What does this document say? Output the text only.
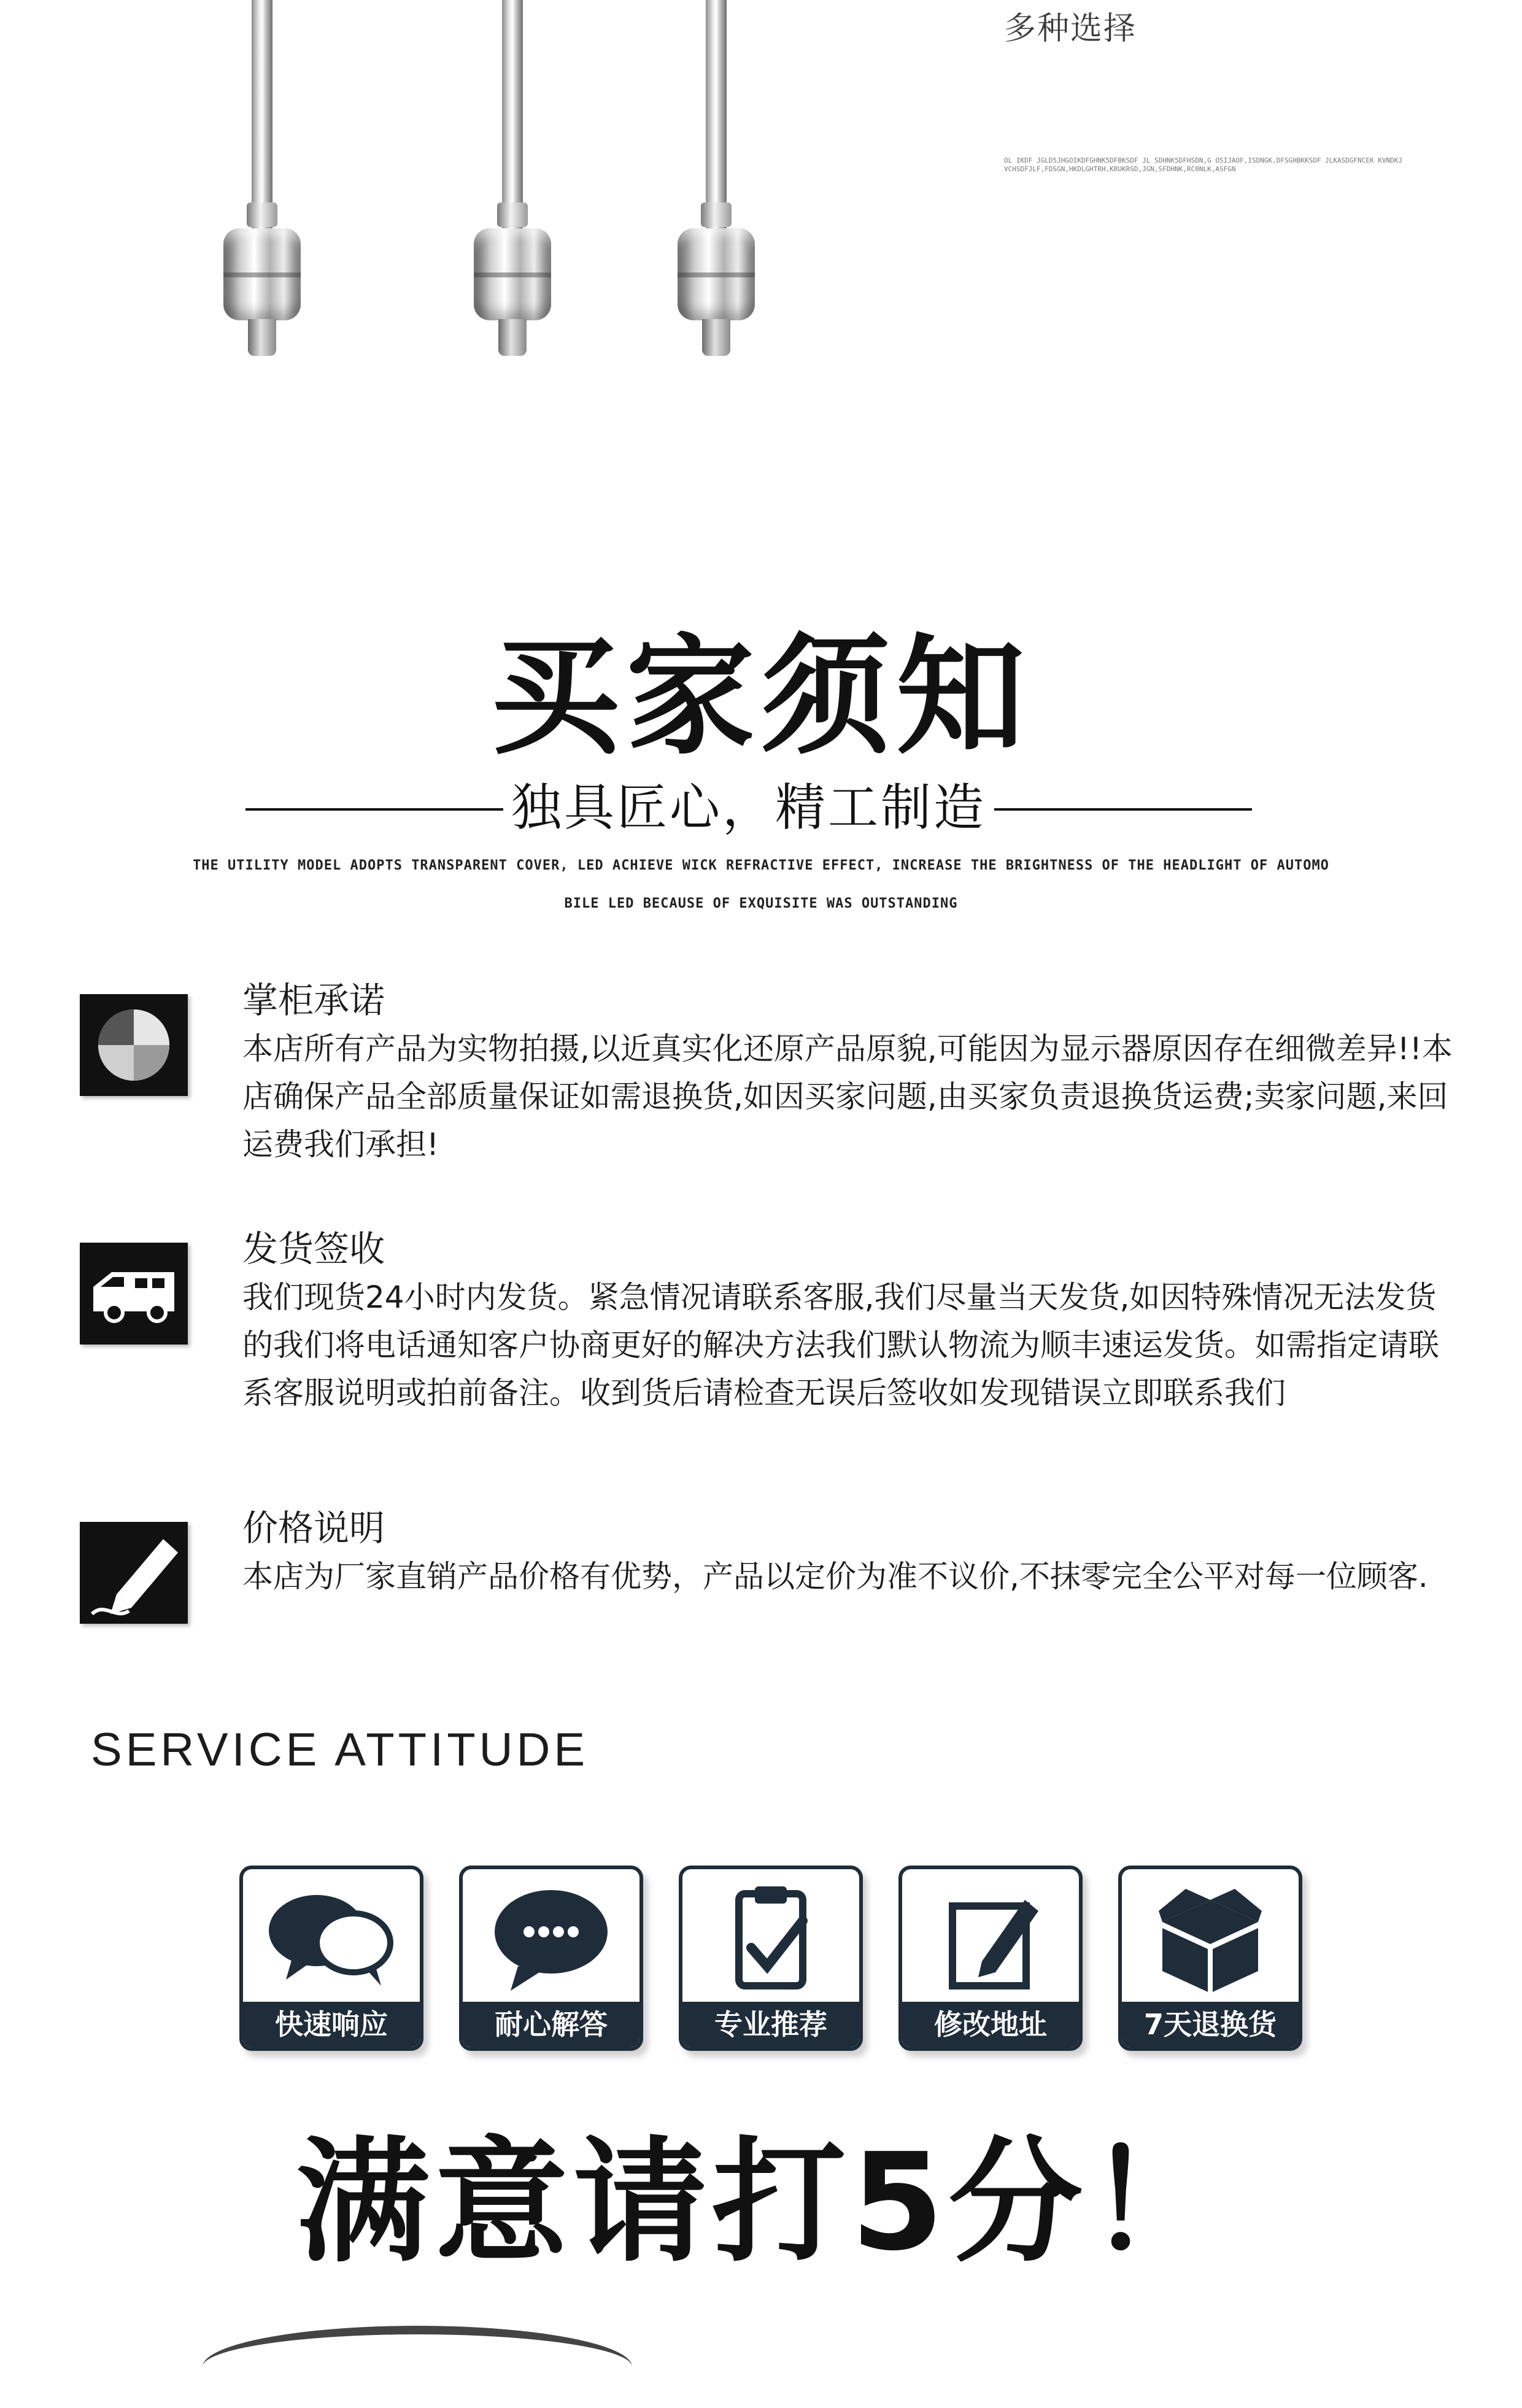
多种选择
OL IKDF JGLD5JHGOIKDFGHNK5DFBKSDF JL SDHNK5DFHSDN,G OSIJAOF,ISDNGK,DFSGHBKKSDF JLKASDGFNCEK KVNDKJVCHSDFJLF,FDSGN,HKDLGHTRH,KRUKRSD,JGN,SFDHNK,RC0NLK,ASFGN
买家须知
独具匠心，精工制造
THE UTILITY MODEL ADOPTS TRANSPARENT COVER, LED ACHIEVE WICK REFRACTIVE EFFECT, INCREASE THE BRIGHTNESS OF THE HEADLIGHT OF AUTOMO
BILE LED BECAUSE OF EXQUISITE WAS OUTSTANDING
掌柜承诺
本店所有产品为实物拍摄,以近真实化还原产品原貌,可能因为显示器原因存在细微差异!!本店确保产品全部质量保证如需退换货,如因买家问题,由买家负责退换货运费;卖家问题,来回运费我们承担!
发货签收
我们现货24小时内发货。紧急情况请联系客服,我们尽量当天发货,如因特殊情况无法发货的我们将电话通知客户协商更好的解决方法我们默认物流为顺丰速运发货。如需指定请联系客服说明或拍前备注。收到货后请检查无误后签收如发现错误立即联系我们
价格说明
本店为厂家直销产品价格有优势，产品以定价为准不议价,不抹零完全公平对每一位顾客.
SERVICE ATTITUDE
快速响应	耐心解答	专业推荐	修改地址	7天退换货
满意请打5分！
